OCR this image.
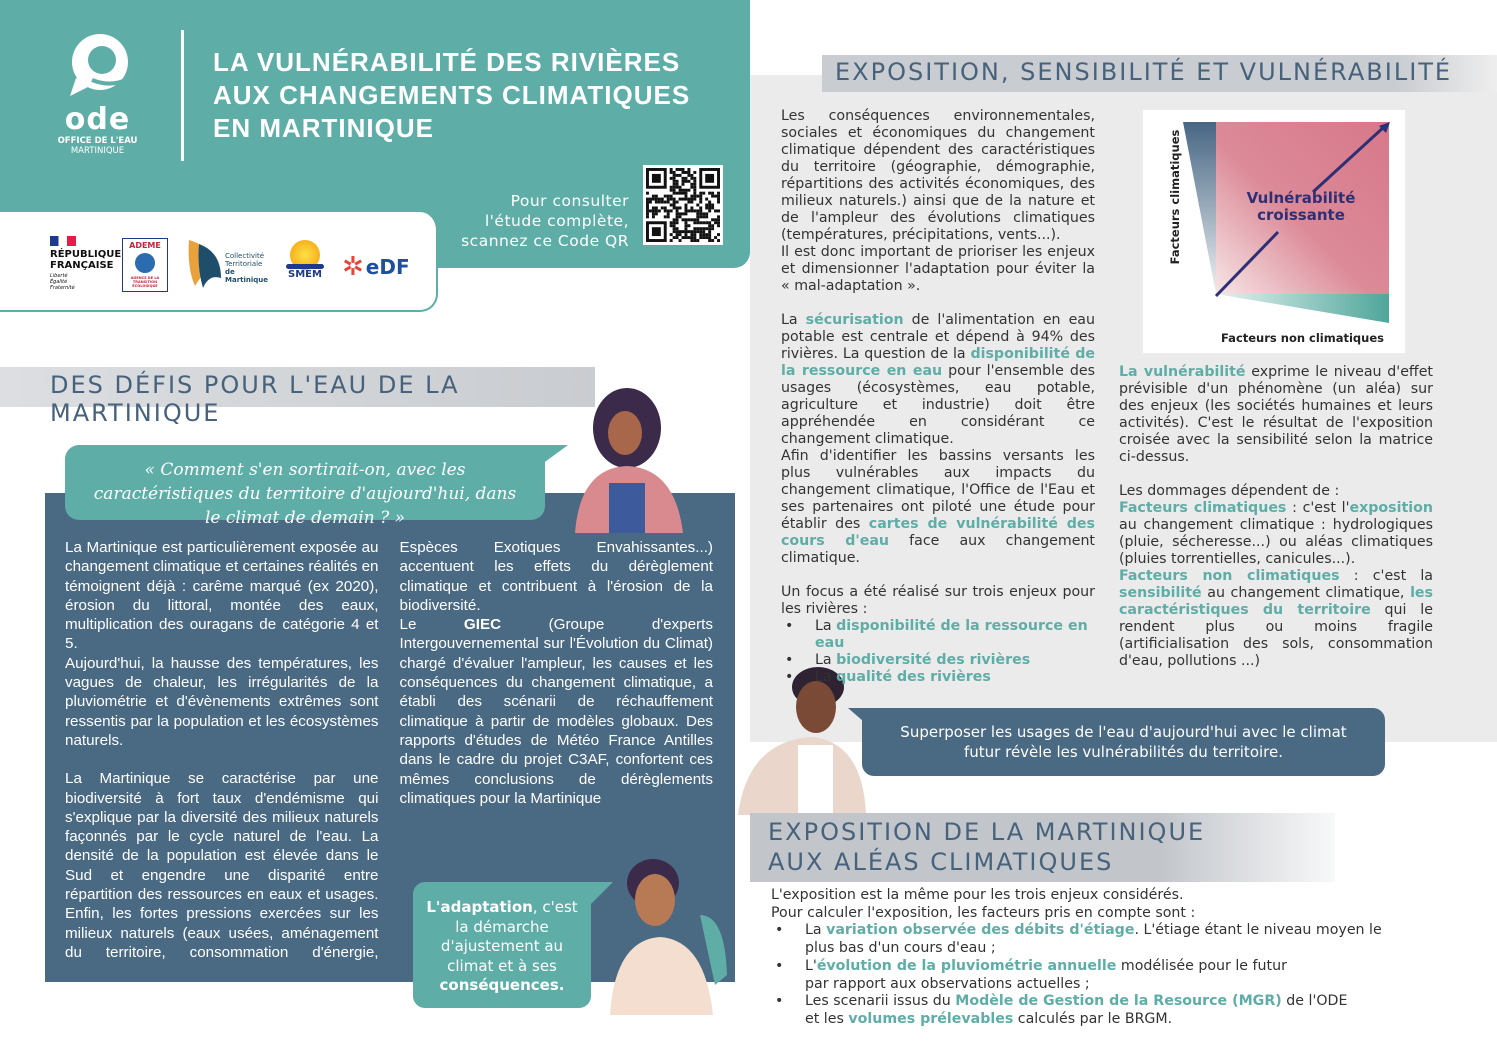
ode
OFFICE DE L'EAU
MARTINIQUE
LA VULNÉRABILITÉ DES RIVIÈRES
AUX CHANGEMENTS CLIMATIQUES
EN MARTINIQUE
Pour consulter
l'étude complète,
scannez ce Code QR
RÉPUBLIQUE
FRANÇAISE
Liberté
Égalité
Fraternité
ADEME
AGENCE DE LA TRANSITION ÉCOLOGIQUE
Collectivité
Territoriale
de Martinique	SMEM ✲ eDF
DES DÉFIS POUR L'EAU DE LA MARTINIQUE
« Comment s'en sortirait-on, avec les caractéristiques du territoire d'aujourd'hui, dans le climat de demain ? »

La Martinique est particulièrement exposée au changement climatique et certaines réalités en témoignent déjà : carême marqué (ex 2020), érosion du littoral, montée des eaux, multiplication des ouragans de catégorie 4 et 5.

Aujourd'hui, la hausse des températures, les vagues de chaleur, les irrégularités de la pluviométrie et d'évènements extrêmes sont ressentis par la population et les écosystèmes naturels.

La Martinique se caractérise par une biodiversité à fort taux d'endémisme qui s'explique par la diversité des milieux naturels façonnés par le cycle naturel de l'eau. La densité de la population est élevée dans le Sud et engendre une disparité entre répartition des ressources en eaux et usages. Enfin, les fortes pressions exercées sur les milieux naturels (eaux usées, aménagement du territoire, consommation d'énergie, Espèces Exotiques Envahissantes...) accentuent les effets du dérèglement climatique et contribuent à l'érosion de la biodiversité.

Le GIEC (Groupe d'experts Intergouvernemental sur l'Évolution du Climat) chargé d'évaluer l'ampleur, les causes et les conséquences du changement climatique, a établi des scénarii de réchauffement climatique à partir de modèles globaux. Des rapports d'études de Météo France Antilles dans le cadre du projet C3AF, confortent ces mêmes conclusions de dérèglements climatiques pour la Martinique

L'adaptation, c'est la démarche d'ajustement au climat et à ses conséquences.
EXPOSITION, SENSIBILITÉ ET VULNÉRABILITÉ

Les conséquences environnementales, sociales et économiques du changement climatique dépendent des caractéristiques du territoire (géographie, démographie, répartitions des activités économiques, des milieux naturels.) ainsi que de la nature et de l'ampleur des évolutions climatiques (températures, précipitations, vents...).

Il est donc important de prioriser les enjeux et dimensionner l'adaptation pour éviter la « mal-adaptation ».

La sécurisation de l'alimentation en eau potable est centrale et dépend à 94% des rivières. La question de la disponibilité de la ressource en eau pour l'ensemble des usages (écosystèmes, eau potable, agriculture et industrie) doit être appréhendée en considérant ce changement climatique.

Afin d'identifier les bassins versants les plus vulnérables aux impacts du changement climatique, l'Office de l'Eau et ses partenaires ont piloté une étude pour établir des cartes de vulnérabilité des cours d'eau face aux changement climatique.

Un focus a été réalisé sur trois enjeux pour les rivières :

• La disponibilité de la ressource en eau
• La biodiversité des rivières
• La qualité des rivières
Vulnérabilité
croissante
Facteurs non climatiques
Facteurs climatiques

La vulnérabilité exprime le niveau d'effet prévisible d'un phénomène (un aléa) sur des enjeux (les sociétés humaines et leurs activités). C'est le résultat de l'exposition croisée avec la sensibilité selon la matrice ci-dessus.

Les dommages dépendent de :

Facteurs climatiques : c'est l'exposition au changement climatique : hydrologiques (pluie, sécheresse...) ou aléas climatiques (pluies torrentielles, canicules...).

Facteurs non climatiques : c'est la sensibilité au changement climatique, les caractéristiques du territoire qui le rendent plus ou moins fragile (artificialisation des sols, consommation d'eau, pollutions ...)

Superposer les usages de l'eau d'aujourd'hui avec le climat
futur révèle les vulnérabilités du territoire.
EXPOSITION DE LA MARTINIQUE
AUX ALÉAS CLIMATIQUES
L'exposition est la même pour les trois enjeux considérés.
Pour calculer l'exposition, les facteurs pris en compte sont :
• La variation observée des débits d'étiage. L'étiage étant le niveau moyen le plus bas d'un cours d'eau ;
• L'évolution de la pluviométrie annuelle modélisée pour le futur
par rapport aux observations actuelles ;
• Les scenarii issus du Modèle de Gestion de la Resource (MGR) de l'ODE
et les volumes prélevables calculés par le BRGM.
